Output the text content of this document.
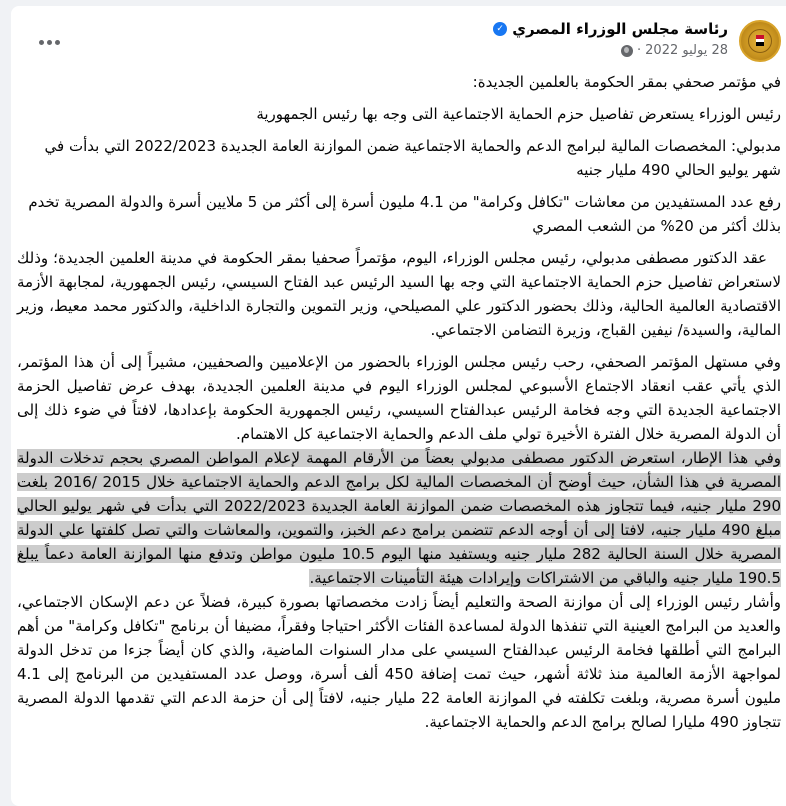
رئاسة مجلس الوزراء المصري
✓
28 يوليو 2022
·

في مؤتمر صحفي بمقر الحكومة بالعلمين الجديدة:

رئيس الوزراء يستعرض تفاصيل حزم الحماية الاجتماعية التى وجه بها رئيس الجمهورية

مدبولي: المخصصات المالية لبرامج الدعم والحماية الاجتماعية ضمن الموازنة العامة الجديدة 2022/2023 التي بدأت في شهر يوليو الحالي 490 مليار جنيه

رفع عدد المستفيدين من معاشات "تكافل وكرامة" من 4.1 مليون أسرة إلى أكثر من 5 ملايين أسرة والدولة المصرية تخدم بذلك أكثر من 20% من الشعب المصري

عقد الدكتور مصطفى مدبولي، رئيس مجلس الوزراء، اليوم، مؤتمراً صحفيا بمقر الحكومة في مدينة العلمين الجديدة؛ وذلك لاستعراض تفاصيل حزم الحماية الاجتماعية التي وجه بها السيد الرئيس عبد الفتاح السيسي، رئيس الجمهورية، لمجابهة الأزمة الاقتصادية العالمية الحالية، وذلك بحضور الدكتور علي المصيلحي، وزير التموين والتجارة الداخلية، والدكتور محمد معيط، وزير المالية، والسيدة/ نيفين القباج، وزيرة التضامن الاجتماعي.

وفي مستهل المؤتمر الصحفي، رحب رئيس مجلس الوزراء بالحضور من الإعلاميين والصحفيين، مشيراً إلى أن هذا المؤتمر، الذي يأتي عقب انعقاد الاجتماع الأسبوعي لمجلس الوزراء اليوم في مدينة العلمين الجديدة، بهدف عرض تفاصيل الحزمة الاجتماعية الجديدة التي وجه فخامة الرئيس عبدالفتاح السيسي، رئيس الجمهورية الحكومة بإعدادها، لافتاً في ضوء ذلك إلى أن الدولة المصرية خلال الفترة الأخيرة تولي ملف الدعم والحماية الاجتماعية كل الاهتمام.

وفي هذا الإطار، استعرض الدكتور مصطفى مدبولي بعضاً من الأرقام المهمة لإعلام المواطن المصري بحجم تدخلات الدولة المصرية في هذا الشأن، حيث أوضح أن المخصصات المالية لكل برامج الدعم والحماية الاجتماعية خلال 2015 /2016 بلغت 290 مليار جنيه، فيما تتجاوز هذه المخصصات ضمن الموازنة العامة الجديدة 2022/2023 التي بدأت في شهر يوليو الحالي مبلغ 490 مليار جنيه، لافتا إلى أن أوجه الدعم تتضمن برامج دعم الخبز، والتموين، والمعاشات والتي تصل كلفتها علي الدولة المصرية خلال السنة الحالية 282 مليار جنيه ويستفيد منها اليوم 10.5 مليون مواطن وتدفع منها الموازنة العامة دعماً يبلغ 190.5 مليار جنيه والباقي من الاشتراكات وإيرادات هيئة التأمينات الاجتماعية.

وأشار رئيس الوزراء إلى أن موازنة الصحة والتعليم أيضاً زادت مخصصاتها بصورة كبيرة، فضلاً عن دعم الإسكان الاجتماعي، والعديد من البرامج العينية التي تنفذها الدولة لمساعدة الفئات الأكثر احتياجا وفقراً، مضيفا أن برنامج "تكافل وكرامة" من أهم البرامج التي أطلقها فخامة الرئيس عبدالفتاح السيسي على مدار السنوات الماضية، والذي كان أيضاً جزءا من تدخل الدولة لمواجهة الأزمة العالمية منذ ثلاثة أشهر، حيث تمت إضافة 450 ألف أسرة، ووصل عدد المستفيدين من البرنامج إلى 4.1 مليون أسرة مصرية، وبلغت تكلفته في الموازنة العامة 22 مليار جنيه، لافتاً إلى أن حزمة الدعم التي تقدمها الدولة المصرية تتجاوز 490 مليارا لصالح برامج الدعم والحماية الاجتماعية.
